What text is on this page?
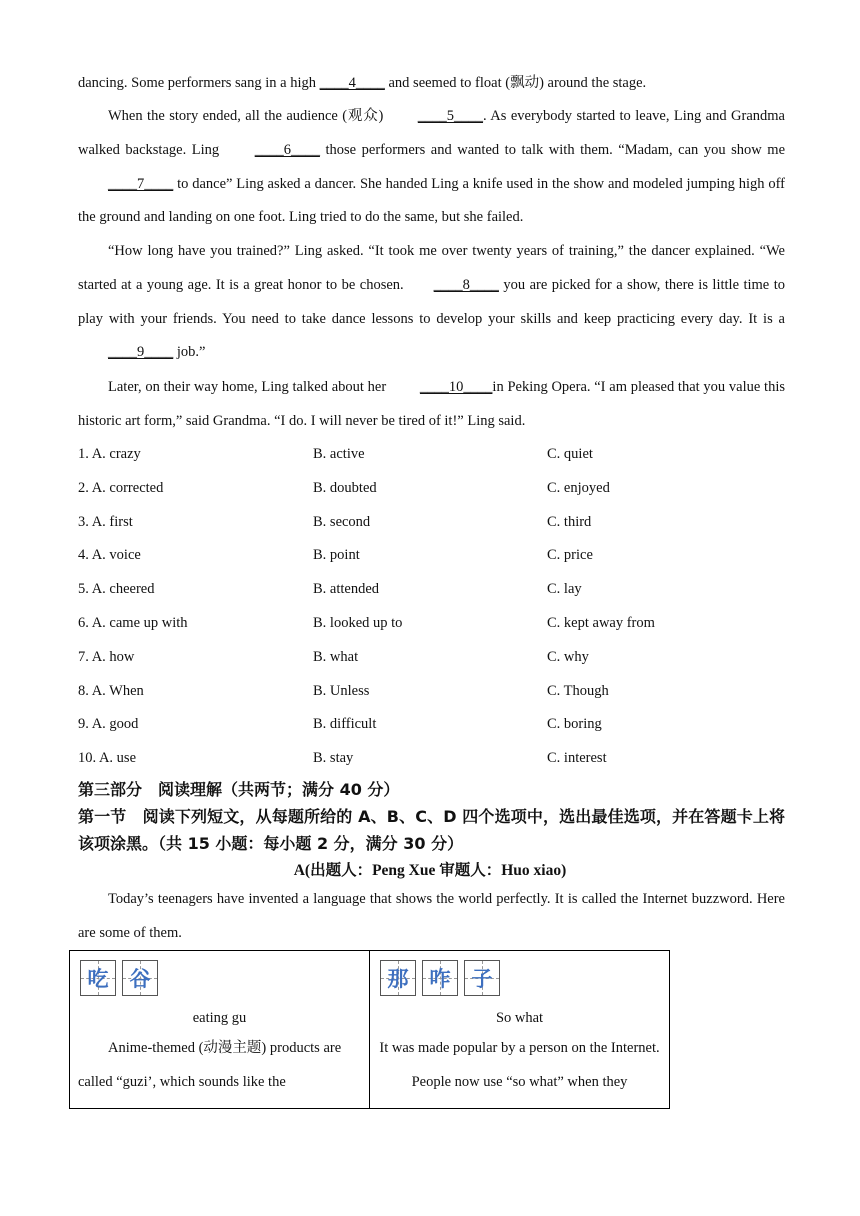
dancing. Some performers sang in a high ____4____ and seemed to float (飘动) around the stage.

When the story ended, all the audience (观众) ____5____. As everybody started to leave, Ling and Grandma walked backstage. Ling ____6____ those performers and wanted to talk with them. “Madam, can you show me ____7____ to dance” Ling asked a dancer. She handed Ling a knife used in the show and modeled jumping high off the ground and landing on one foot. Ling tried to do the same, but she failed.

“How long have you trained?” Ling asked. “It took me over twenty years of training,” the dancer explained. “We started at a young age. It is a great honor to be chosen. ____8____ you are picked for a show, there is little time to play with your friends. You need to take dance lessons to develop your skills and keep practicing every day. It is a ____9____ job.”

Later, on their way home, Ling talked about her ____10____in Peking Opera. “I am pleased that you value this historic art form,” said Grandma. “I do. I will never be tired of it!” Ling said.

1. A. crazy	B. active	C. quiet
2. A. corrected	B. doubted	C. enjoyed
3. A. first	B. second	C. third
4. A. voice	B. point	C. price
5. A. cheered	B. attended	C. lay
6. A. came up with	B. looked up to	C. kept away from
7. A. how	B. what	C. why
8. A. When	B. Unless	C. Though
9. A. good	B. difficult	C. boring
10. A. use	B. stay	C. interest

第三部分　阅读理解（共两节；满分 40 分）

第一节　阅读下列短文，从每题所给的 A、B、C、D 四个选项中，选出最佳选项，并在答题卡上将该项涂黑。（共 15 小题：每小题 2 分，满分 30 分）

A(出题人：Peng Xue 审题人：Huo xiao)

Today’s teenagers have invented a language that shows the world perfectly. It is called the Internet buzzword. Here are some of them.

吃 谷
eating gu
Anime-themed (动漫主题) products are called “guzi’, which sounds like the

那 咋 子
So what
It was made popular by a person on the Internet. People now use “so what” when they
